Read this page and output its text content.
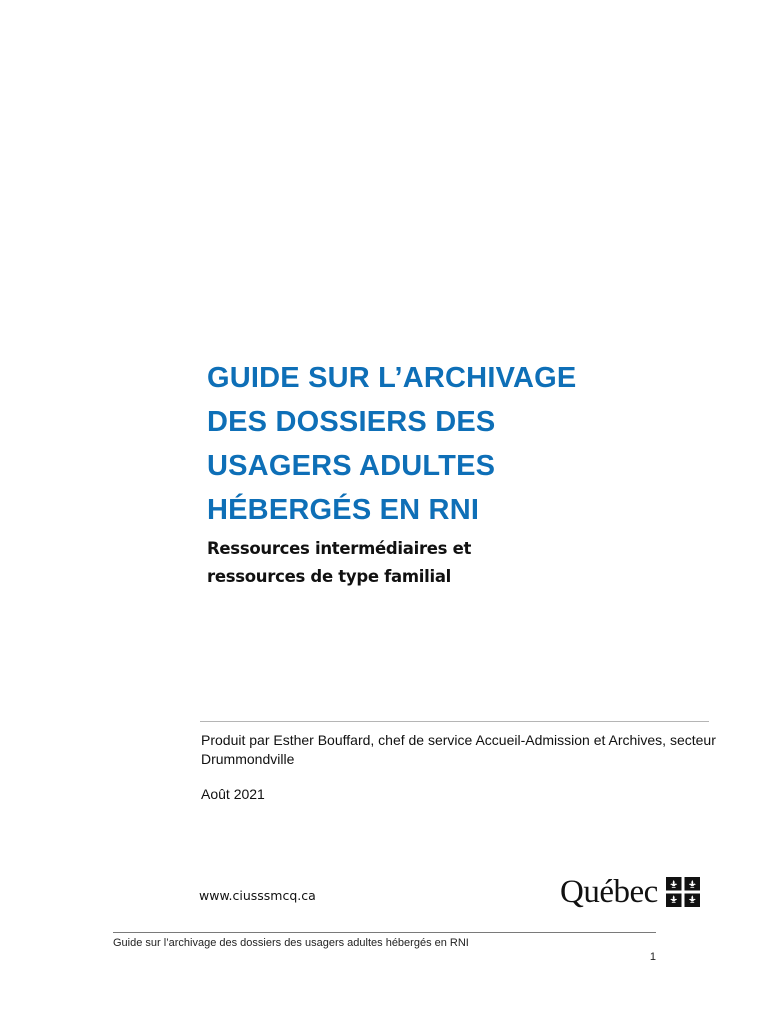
GUIDE SUR L’ARCHIVAGE
DES DOSSIERS DES
USAGERS ADULTES
HÉBERGÉS EN RNI
Ressources intermédiaires et
ressources de type familial
Produit par Esther Bouffard, chef de service Accueil-Admission et Archives, secteur Drummondville
Août 2021
www.ciusssmcq.ca	Québec
Guide sur l’archivage des dossiers des usagers adultes hébergés en RNI
1
